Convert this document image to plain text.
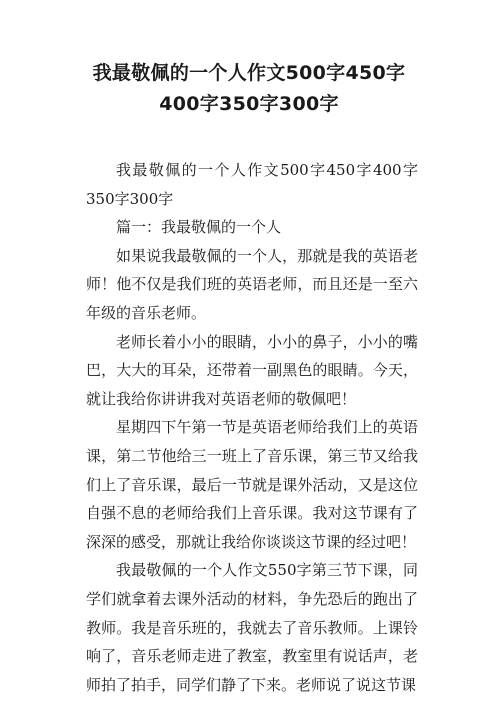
我最敬佩的一个人作文500字450字
400字350字300字

我最敬佩的一个人作文500字450字400字350字300字

篇一：我最敬佩的一个人

如果说我最敬佩的一个人，那就是我的英语老师！他不仅是我们班的英语老师，而且还是一至六年级的音乐老师。

老师长着小小的眼睛，小小的鼻子，小小的嘴巴，大大的耳朵，还带着一副黑色的眼睛。今天，就让我给你讲讲我对英语老师的敬佩吧！

星期四下午第一节是英语老师给我们上的英语课，第二节他给三一班上了音乐课，第三节又给我们上了音乐课，最后一节就是课外活动，又是这位自强不息的老师给我们上音乐课。我对这节课有了深深的感受，那就让我给你谈谈这节课的经过吧！

我最敬佩的一个人作文550字第三节下课，同学们就拿着去课外活动的材料，争先恐后的跑出了教师。我是音乐班的，我就去了音乐教师。上课铃响了，音乐老师走进了教室，教室里有说话声，老师拍了拍手，同学们静了下来。老师说了说这节课
